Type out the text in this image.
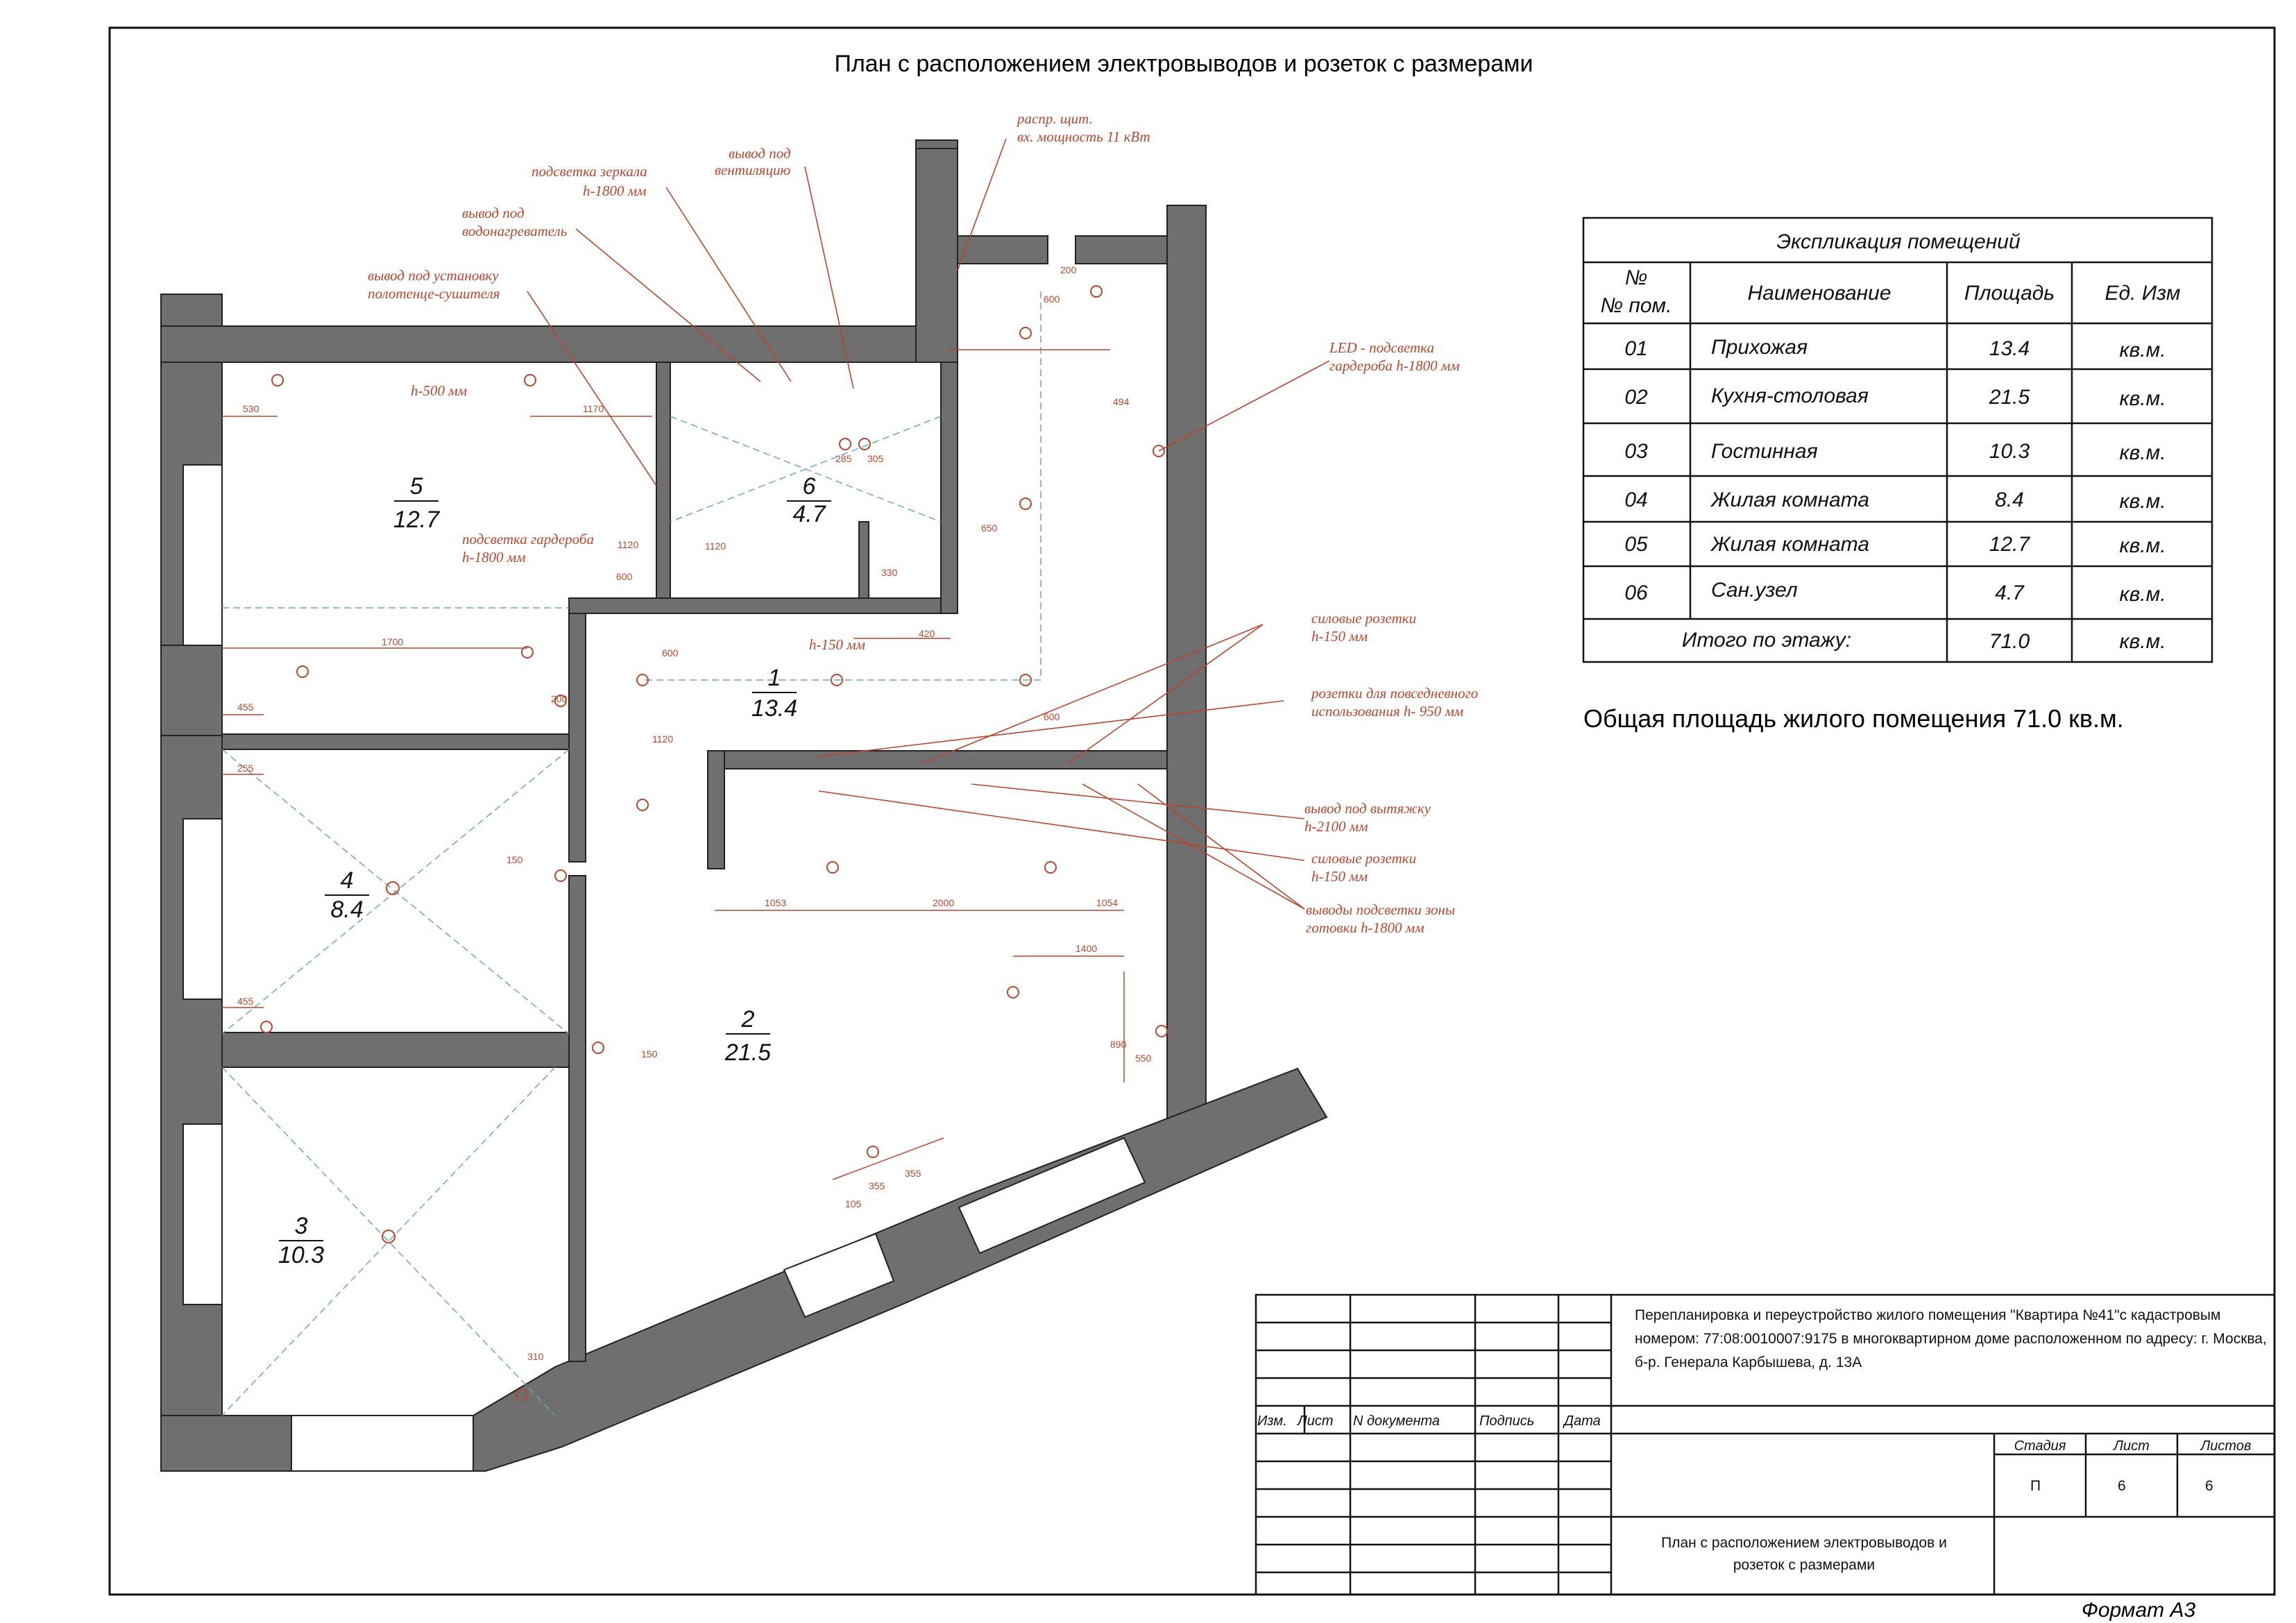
План с расположением электровыводов и розеток с размерами
5
12.7
6
4.7
1
13.4
4
8.4
2
21.5
3
10.3
распр. щит.
вх. мощность 11 кВт
вывод под
вентиляцию
подсветка зеркала
h-1800 мм
вывод под
водонагреватель
вывод под установку
полотенце-сушителя
LED - подсветка
гардероба h-1800 мм
h-500 мм
подсветка гардероба
h-1800 мм
h-150 мм
силовые розетки
h-150 мм
розетки для повседневного
использования h- 950 мм
вывод под вытяжку
h-2100 мм
силовые розетки
h-150 мм
выводы подсветки зоны
готовки h-1800 мм
530	1170
600
200
494
285 305
1120	1120
600	330
420
1700
600
200
455
255
1120
600
150
455
150
1053	2000	1054
1400
890
550
355
355
105
310
650
Экспликация помещений
№
№ пом.
Наименование	Площадь Ед. Изм
01	Прихожая	13.4	кв.м.
02	Кухня-столовая	21.5	кв.м.
03	Гостинная	10.3	кв.м.
04	Жилая комната	8.4	кв.м.
05	Жилая комната	12.7	кв.м.
06	Сан.узел	4.7	кв.м.
Итого по этажу:	71.0	кв.м.
Общая площадь жилого помещения 71.0 кв.м.
Изм. Лист N документа	Подпись Дата
Перепланировка и переустройство жилого помещения "Квартира №41"с кадастровым
номером: 77:08:0010007:9175 в многоквартирном доме расположенном по адресу: г. Москва,
б-р. Генерала Карбышева, д. 13А
Стадия	Лист	Листов
П	6	6
План с расположением электровыводов и
розеток с размерами
Формат А3
